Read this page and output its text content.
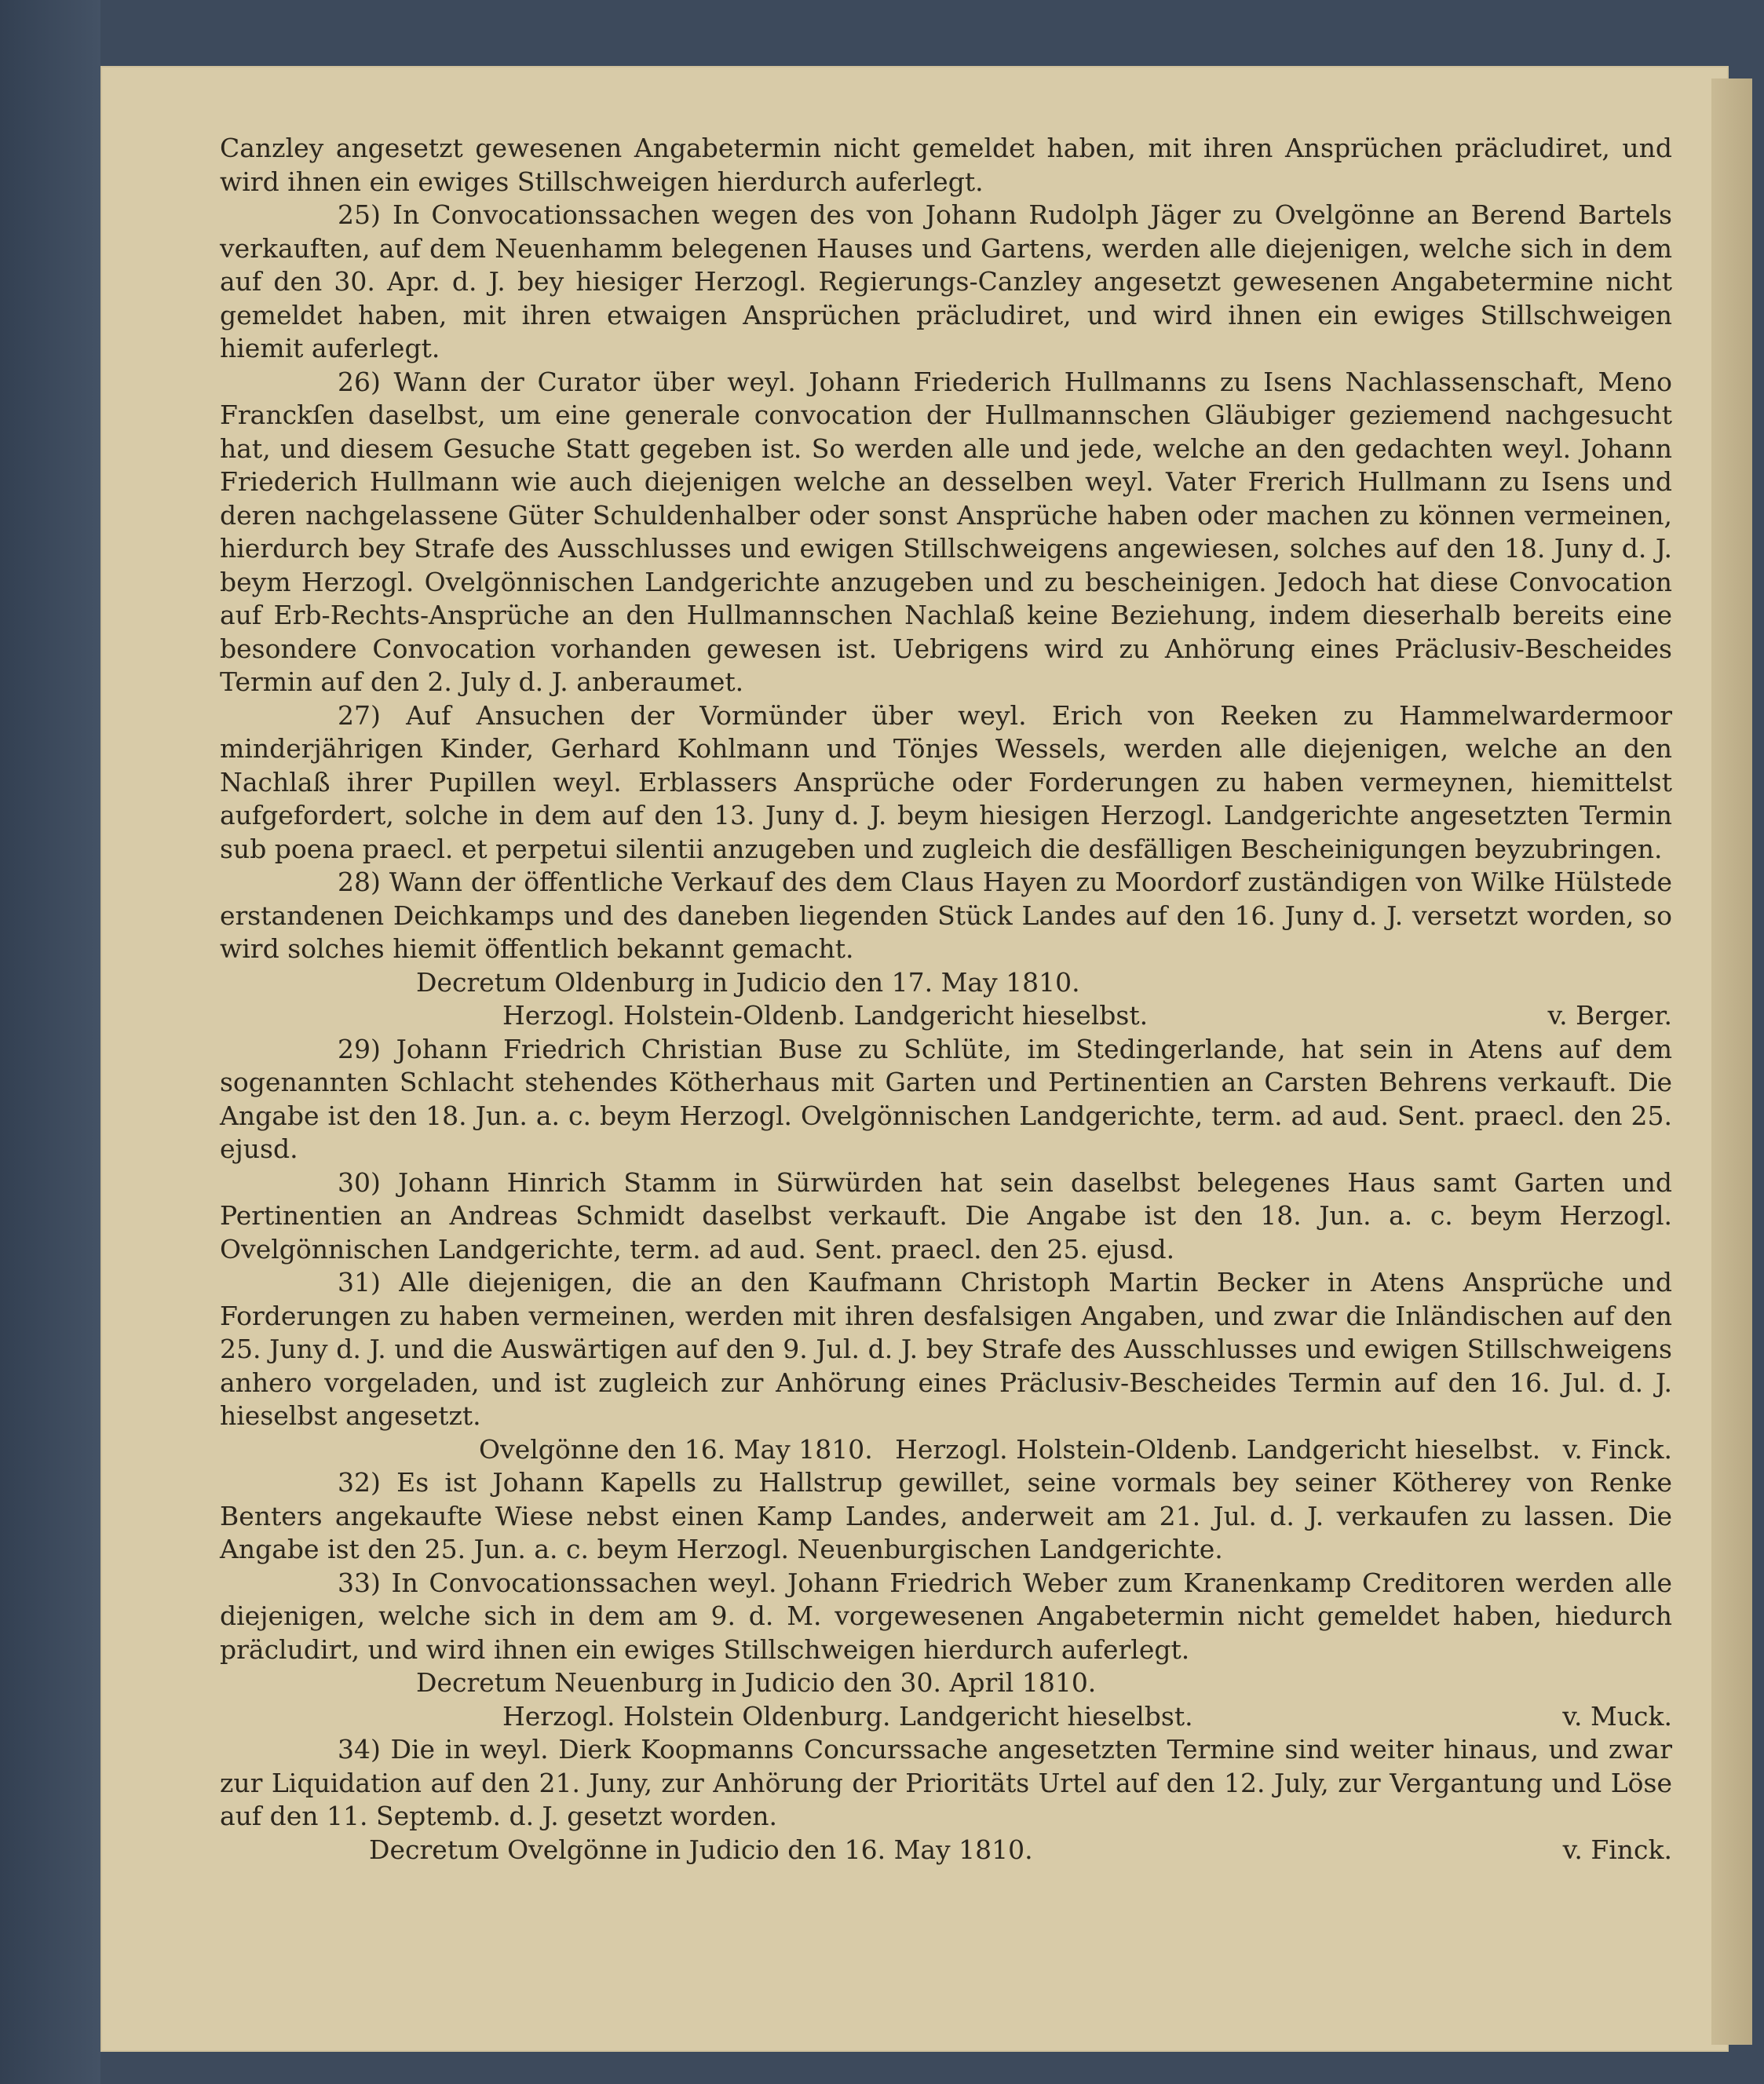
Canzley angesetzt gewesenen Angabetermin nicht gemeldet haben, mit ihren Ansprüchen präcludiret, und wird ihnen ein ewiges Stillschweigen hierdurch auferlegt.

25) In Convocationssachen wegen des von Johann Rudolph Jäger zu Ovelgönne an Berend Bartels verkauften, auf dem Neuenhamm belegenen Hauses und Gartens, werden alle diejenigen, welche sich in dem auf den 30. Apr. d. J. bey hiesiger Herzogl. Regierungs-Canzley angesetzt gewesenen Angabetermine nicht gemeldet haben, mit ihren etwaigen Ansprüchen präcludiret, und wird ihnen ein ewiges Stillschweigen hiemit auferlegt.

26) Wann der Curator über weyl. Johann Friederich Hullmanns zu Isens Nachlassenschaft, Meno Franckſen daselbst, um eine generale convocation der Hullmannschen Gläubiger geziemend nachgesucht hat, und diesem Gesuche Statt gegeben ist. So werden alle und jede, welche an den gedachten weyl. Johann Friederich Hullmann wie auch diejenigen welche an desselben weyl. Vater Frerich Hullmann zu Isens und deren nachgelassene Güter Schuldenhalber oder sonst Ansprüche haben oder machen zu können vermeinen, hierdurch bey Strafe des Ausschlusses und ewigen Stillschweigens angewiesen, solches auf den 18. Juny d. J. beym Herzogl. Ovelgönnischen Landgerichte anzugeben und zu bescheinigen. Jedoch hat diese Convocation auf Erb-Rechts-Ansprüche an den Hullmannschen Nachlaß keine Beziehung, indem dieserhalb bereits eine besondere Convocation vorhanden gewesen ist. Uebrigens wird zu Anhörung eines Präclusiv-Bescheides Termin auf den 2. July d. J. anberaumet.

27) Auf Ansuchen der Vormünder über weyl. Erich von Reeken zu Hammelwardermoor minderjährigen Kinder, Gerhard Kohlmann und Tönjes Wessels, werden alle diejenigen, welche an den Nachlaß ihrer Pupillen weyl. Erblassers Ansprüche oder Forderungen zu haben vermeynen, hiemittelst aufgefordert, solche in dem auf den 13. Juny d. J. beym hiesigen Herzogl. Landgerichte angesetzten Termin sub poena praecl. et perpetui silentii anzugeben und zugleich die desfälligen Bescheinigungen beyzubringen.

28) Wann der öffentliche Verkauf des dem Claus Hayen zu Moordorf zuständigen von Wilke Hülstede erstandenen Deichkamps und des daneben liegenden Stück Landes auf den 16. Juny d. J. versetzt worden, so wird solches hiemit öffentlich bekannt gemacht.

Decretum Oldenburg in Judicio den 17. May 1810.

Herzogl. Holstein-Oldenb. Landgericht hieselbst.	v. Berger.

29) Johann Friedrich Christian Buse zu Schlüte, im Stedingerlande, hat sein in Atens auf dem sogenannten Schlacht stehendes Kötherhaus mit Garten und Pertinentien an Carsten Behrens verkauft. Die Angabe ist den 18. Jun. a. c. beym Herzogl. Ovelgönnischen Landgerichte, term. ad aud. Sent. praecl. den 25. ejusd.

30) Johann Hinrich Stamm in Sürwürden hat sein daselbst belegenes Haus samt Garten und Pertinentien an Andreas Schmidt daselbst verkauft. Die Angabe ist den 18. Jun. a. c. beym Herzogl. Ovelgönnischen Landgerichte, term. ad aud. Sent. praecl. den 25. ejusd.

31) Alle diejenigen, die an den Kaufmann Christoph Martin Becker in Atens Ansprüche und Forderungen zu haben vermeinen, werden mit ihren desfalsigen Angaben, und zwar die Inländischen auf den 25. Juny d. J. und die Auswärtigen auf den 9. Jul. d. J. bey Strafe des Ausschlusses und ewigen Stillschweigens anhero vorgeladen, und ist zugleich zur Anhörung eines Präclusiv-Bescheides Termin auf den 16. Jul. d. J. hieselbst angesetzt.

Ovelgönne den 16. May 1810. Herzogl. Holstein-Oldenb. Landgericht hieselbst. v. Finck.

32) Es ist Johann Kapells zu Hallstrup gewillet, seine vormals bey seiner Kötherey von Renke Benters angekaufte Wiese nebst einen Kamp Landes, anderweit am 21. Jul. d. J. verkaufen zu lassen. Die Angabe ist den 25. Jun. a. c. beym Herzogl. Neuenburgischen Landgerichte.

33) In Convocationssachen weyl. Johann Friedrich Weber zum Kranenkamp Creditoren werden alle diejenigen, welche sich in dem am 9. d. M. vorgewesenen Angabetermin nicht gemeldet haben, hiedurch präcludirt, und wird ihnen ein ewiges Stillschweigen hierdurch auferlegt.

Decretum Neuenburg in Judicio den 30. April 1810.

Herzogl. Holstein Oldenburg. Landgericht hieselbst.	v. Muck.

34) Die in weyl. Dierk Koopmanns Concurssache angesetzten Termine sind weiter hinaus, und zwar zur Liquidation auf den 21. Juny, zur Anhörung der Prioritäts Urtel auf den 12. July, zur Vergantung und Löse auf den 11. Septemb. d. J. gesetzt worden.

Decretum Ovelgönne in Judicio den 16. May 1810.	v. Finck.
